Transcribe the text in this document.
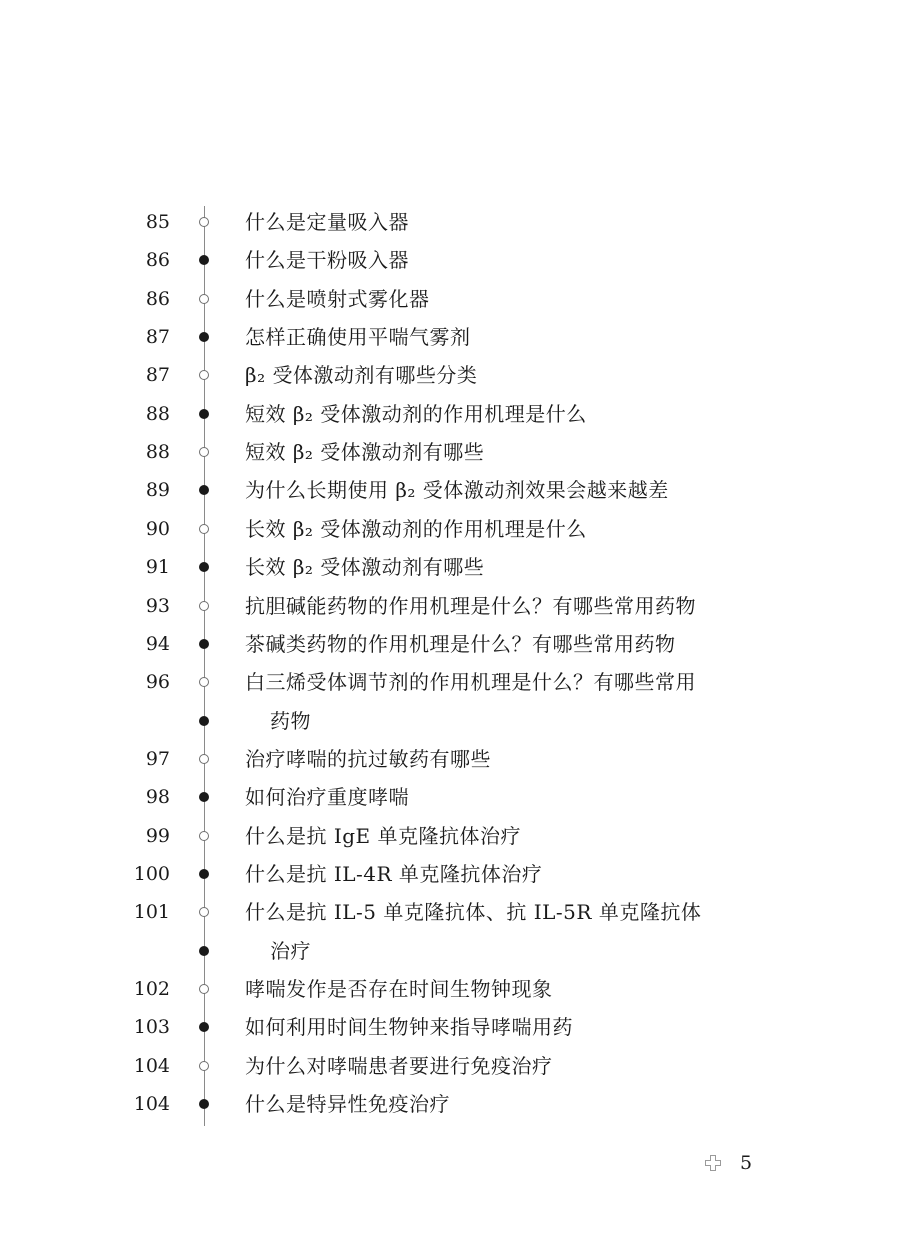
85	什么是定量吸入器
86	什么是干粉吸入器
86	什么是喷射式雾化器
87	怎样正确使用平喘气雾剂
87	β₂ 受体激动剂有哪些分类
88	短效 β₂ 受体激动剂的作用机理是什么
88	短效 β₂ 受体激动剂有哪些
89	为什么长期使用 β₂ 受体激动剂效果会越来越差
90	长效 β₂ 受体激动剂的作用机理是什么
91	长效 β₂ 受体激动剂有哪些
93	抗胆碱能药物的作用机理是什么？有哪些常用药物
94	茶碱类药物的作用机理是什么？有哪些常用药物
96	白三烯受体调节剂的作用机理是什么？有哪些常用
药物
97	治疗哮喘的抗过敏药有哪些
98	如何治疗重度哮喘
99	什么是抗 IgE 单克隆抗体治疗
100	什么是抗 IL-4R 单克隆抗体治疗
101	什么是抗 IL-5 单克隆抗体、抗 IL-5R 单克隆抗体
治疗
102	哮喘发作是否存在时间生物钟现象
103	如何利用时间生物钟来指导哮喘用药
104	为什么对哮喘患者要进行免疫治疗
104	什么是特异性免疫治疗
5
